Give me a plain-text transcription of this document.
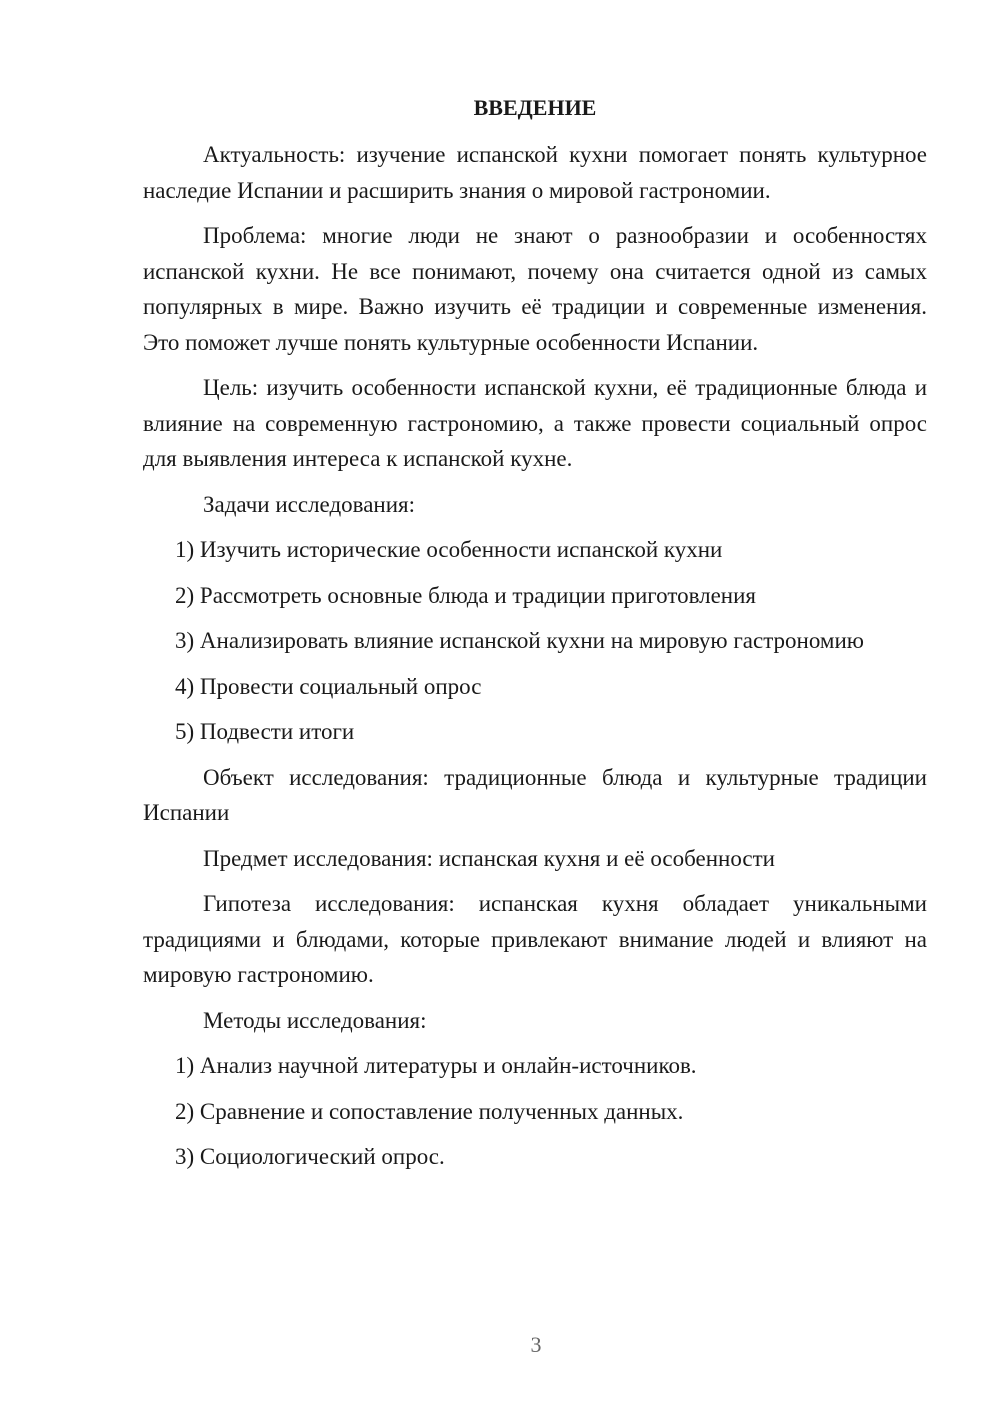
ВВЕДЕНИЕ

Актуальность: изучение испанской кухни помогает понять культурное наследие Испании и расширить знания о мировой гастрономии.

Проблема: многие люди не знают о разнообразии и особенностях испанской кухни. Не все понимают, почему она считается одной из самых популярных в мире. Важно изучить её традиции и современные изменения. Это поможет лучше понять культурные особенности Испании.

Цель: изучить особенности испанской кухни, её традиционные блюда и влияние на современную гастрономию, а также провести социальный опрос для выявления интереса к испанской кухне.

Задачи исследования:

1) Изучить исторические особенности испанской кухни

2) Рассмотреть основные блюда и традиции приготовления

3) Анализировать влияние испанской кухни на мировую гастрономию

4) Провести социальный опрос

5) Подвести итоги

Объект исследования: традиционные блюда и культурные традиции Испании

Предмет исследования: испанская кухня и её особенности

Гипотеза исследования: испанская кухня обладает уникальными традициями и блюдами, которые привлекают внимание людей и влияют на мировую гастрономию.

Методы исследования:

1) Анализ научной литературы и онлайн-источников.

2) Сравнение и сопоставление полученных данных.

3) Социологический опрос.

3
